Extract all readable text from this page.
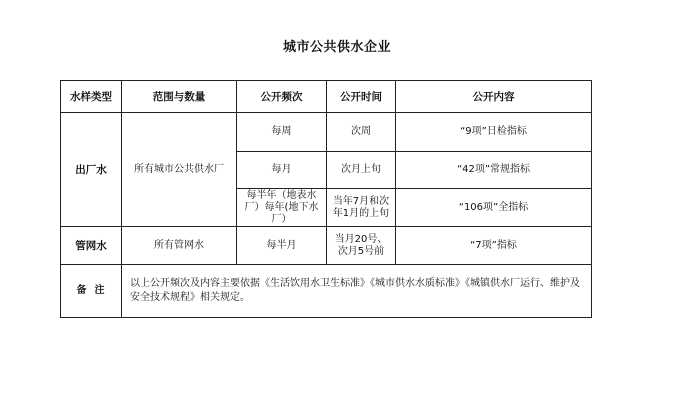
城市公共供水企业
水样类型	范围与数量	公开频次	公开时间	公开内容
出厂水	所有城市公共供水厂	每周	次周	“9项”日检指标
		每月	次月上旬	“42项”常规指标
		每半年（地表水厂）每年(地下水厂）	当年7月和次年1月的上旬	“106项”全指标
管网水	所有管网水	每半月	当月20号、次月5号前	“7项”指标
备注	以上公开频次及内容主要依据《生活饮用水卫生标准》《城市供水水质标准》《城镇供水厂运行、维护及安全技术规程》相关规定。			
